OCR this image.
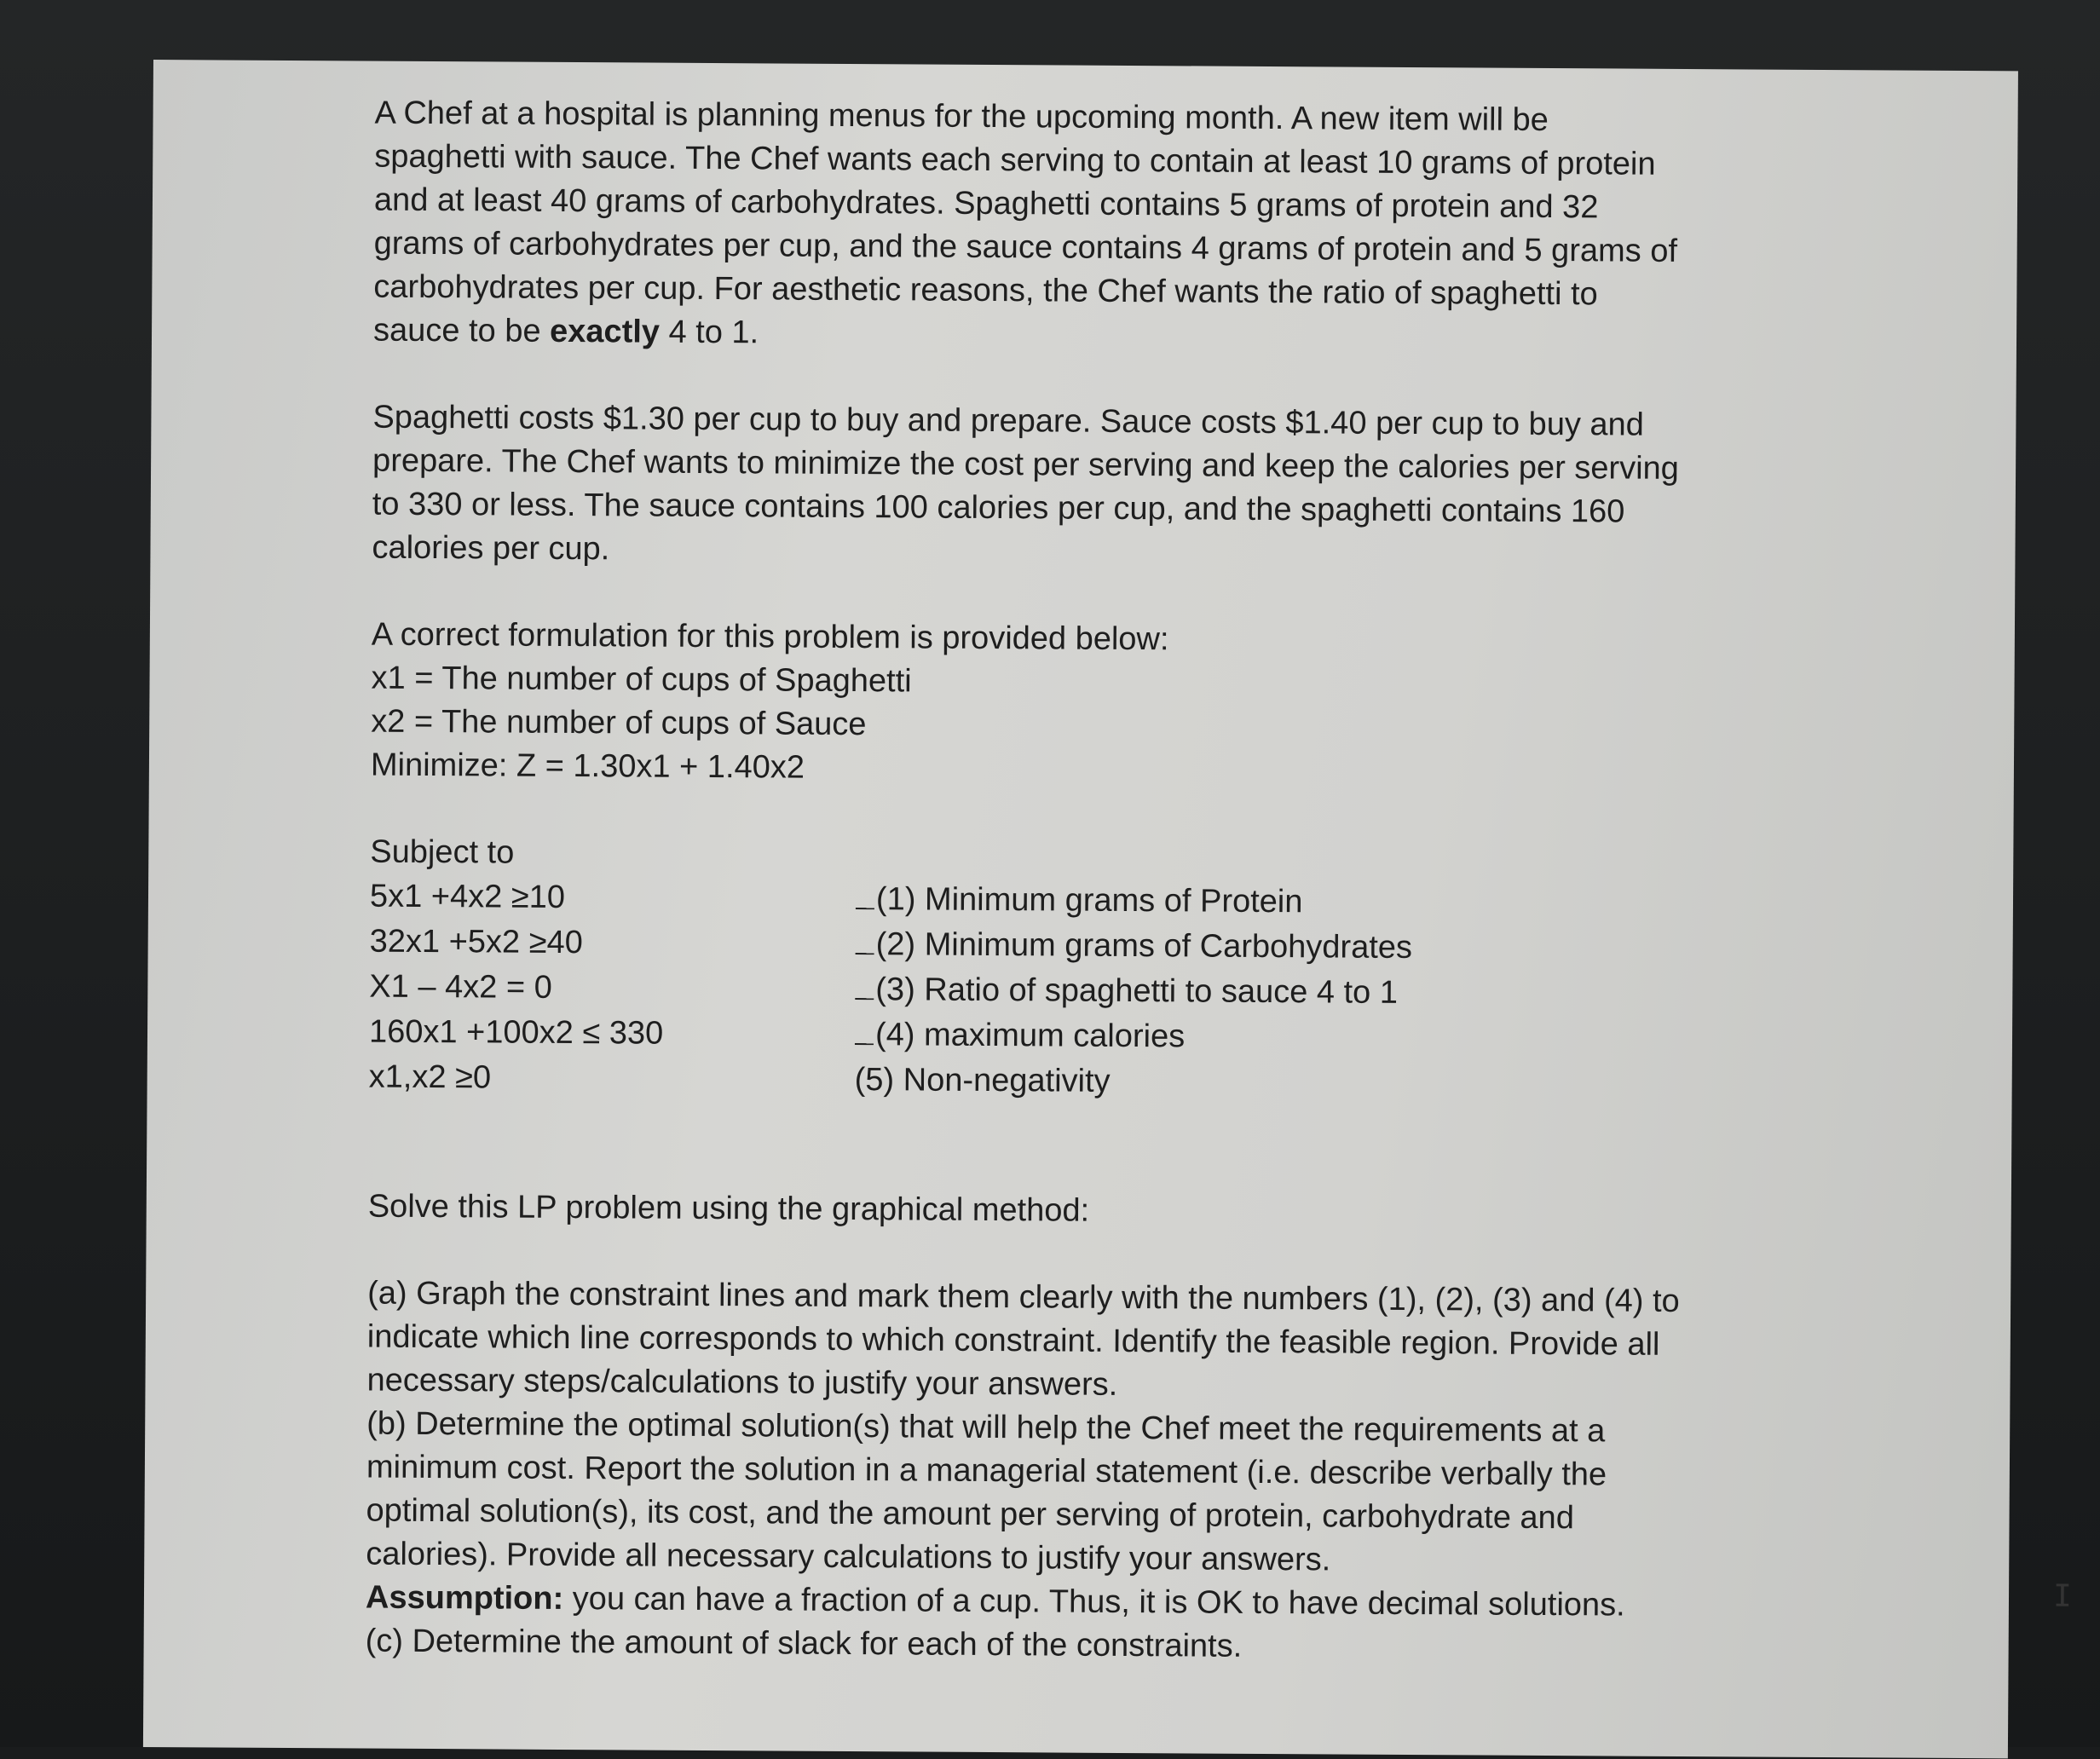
A Chef at a hospital is planning menus for the upcoming month. A new item will be

spaghetti with sauce. The Chef wants each serving to contain at least 10 grams of protein

and at least 40 grams of carbohydrates. Spaghetti contains 5 grams of protein and 32

grams of carbohydrates per cup, and the sauce contains 4 grams of protein and 5 grams of

carbohydrates per cup. For aesthetic reasons, the Chef wants the ratio of spaghetti to

sauce to be exactly 4 to 1.

Spaghetti costs $1.30 per cup to buy and prepare. Sauce costs $1.40 per cup to buy and

prepare. The Chef wants to minimize the cost per serving and keep the calories per serving

to 330 or less. The sauce contains 100 calories per cup, and the spaghetti contains 160

calories per cup.

A correct formulation for this problem is provided below:

x1 = The number of cups of Spaghetti

x2 = The number of cups of Sauce

Minimize: Z = 1.30x1 + 1.40x2

Subject to

5x1 +4x2 ≥10	(1) Minimum grams of Protein
32x1 +5x2 ≥40	(2) Minimum grams of Carbohydrates
X1 – 4x2 = 0	(3) Ratio of spaghetti to sauce 4 to 1
160x1 +100x2 ≤ 330	(4) maximum calories
x1,x2 ≥0	(5) Non-negativity

Solve this LP problem using the graphical method:

(a) Graph the constraint lines and mark them clearly with the numbers (1), (2), (3) and (4) to

indicate which line corresponds to which constraint. Identify the feasible region. Provide all

necessary steps/calculations to justify your answers.

(b) Determine the optimal solution(s) that will help the Chef meet the requirements at a

minimum cost. Report the solution in a managerial statement (i.e. describe verbally the

optimal solution(s), its cost, and the amount per serving of protein, carbohydrate and

calories). Provide all necessary calculations to justify your answers.

Assumption: you can have a fraction of a cup. Thus, it is OK to have decimal solutions.

(c) Determine the amount of slack for each of the constraints.

I
